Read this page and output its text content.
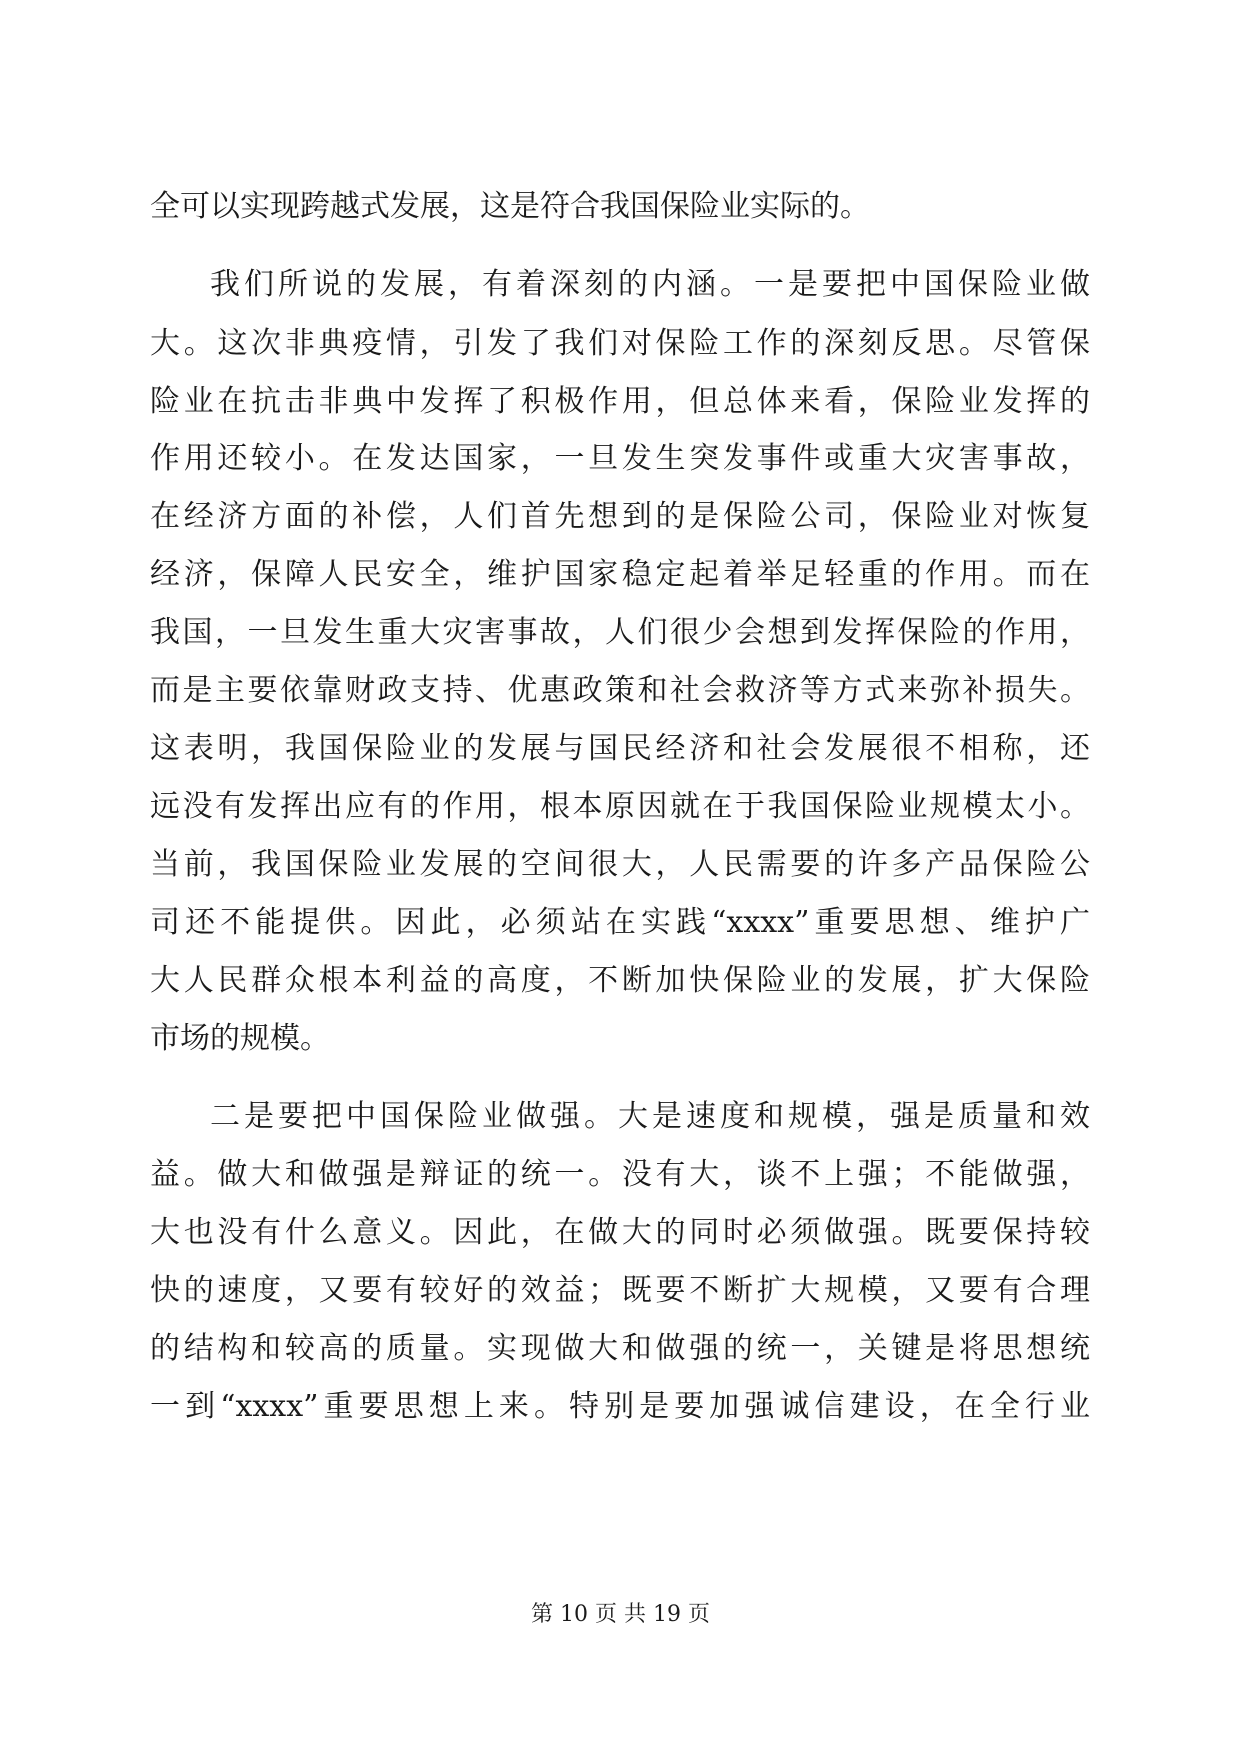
全可以实现跨越式发展，这是符合我国保险业实际的。
我们所说的发展，有着深刻的内涵。一是要把中国保险业做
大。这次非典疫情，引发了我们对保险工作的深刻反思。尽管保
险业在抗击非典中发挥了积极作用，但总体来看，保险业发挥的
作用还较小。在发达国家，一旦发生突发事件或重大灾害事故，
在经济方面的补偿，人们首先想到的是保险公司，保险业对恢复
经济，保障人民安全，维护国家稳定起着举足轻重的作用。而在
我国，一旦发生重大灾害事故，人们很少会想到发挥保险的作用，
而是主要依靠财政支持、优惠政策和社会救济等方式来弥补损失。
这表明，我国保险业的发展与国民经济和社会发展很不相称，还
远没有发挥出应有的作用，根本原因就在于我国保险业规模太小。
当前，我国保险业发展的空间很大，人民需要的许多产品保险公
司还不能提供。因此，必须站在实践“xxxx”重要思想、维护广
大人民群众根本利益的高度，不断加快保险业的发展，扩大保险
市场的规模。
二是要把中国保险业做强。大是速度和规模，强是质量和效
益。做大和做强是辩证的统一。没有大，谈不上强；不能做强，
大也没有什么意义。因此，在做大的同时必须做强。既要保持较
快的速度，又要有较好的效益；既要不断扩大规模，又要有合理
的结构和较高的质量。实现做大和做强的统一，关键是将思想统
一到“xxxx”重要思想上来。特别是要加强诚信建设，在全行业
第 10 页 共 19 页
